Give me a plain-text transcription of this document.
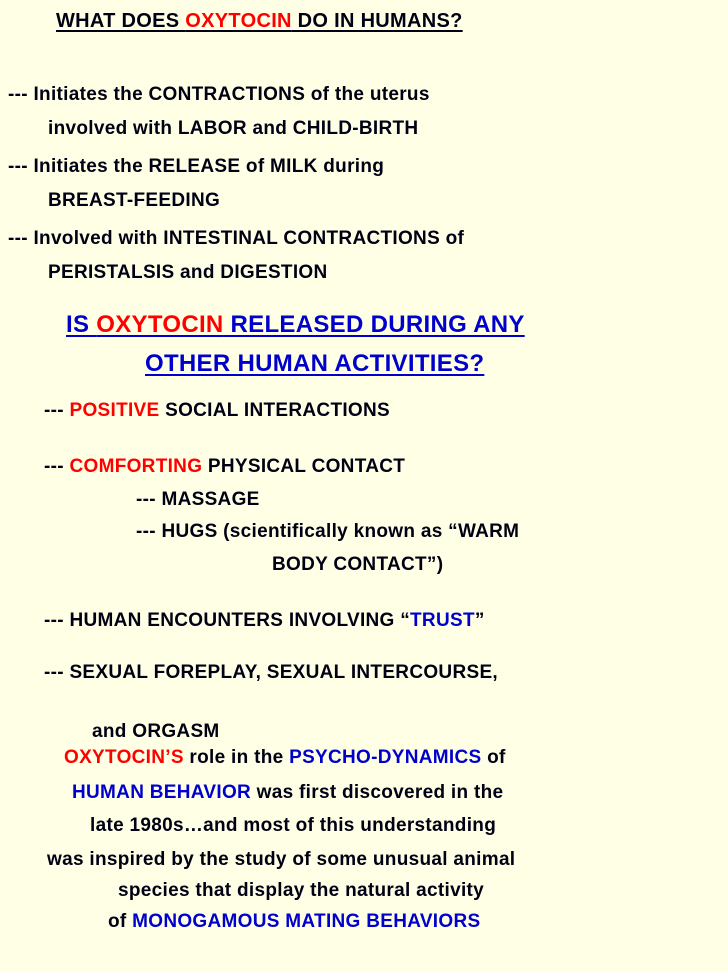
WHAT DOES OXYTOCIN DO IN HUMANS?
--- Initiates the CONTRACTIONS of the uterus
involved with LABOR and CHILD-BIRTH
--- Initiates the RELEASE of MILK during
BREAST-FEEDING
--- Involved with INTESTINAL CONTRACTIONS of
PERISTALSIS and DIGESTION
IS OXYTOCIN RELEASED DURING ANY
OTHER HUMAN ACTIVITIES?
--- POSITIVE SOCIAL INTERACTIONS
--- COMFORTING PHYSICAL CONTACT
--- MASSAGE
--- HUGS (scientifically known as “WARM
BODY CONTACT”)
--- HUMAN ENCOUNTERS INVOLVING “TRUST”
--- SEXUAL FOREPLAY, SEXUAL INTERCOURSE,
and ORGASM
OXYTOCIN’S role in the PSYCHO-DYNAMICS of
HUMAN BEHAVIOR was first discovered in the
late 1980s…and most of this understanding
was inspired by the study of some unusual animal
species that display the natural activity
of MONOGAMOUS MATING BEHAVIORS
